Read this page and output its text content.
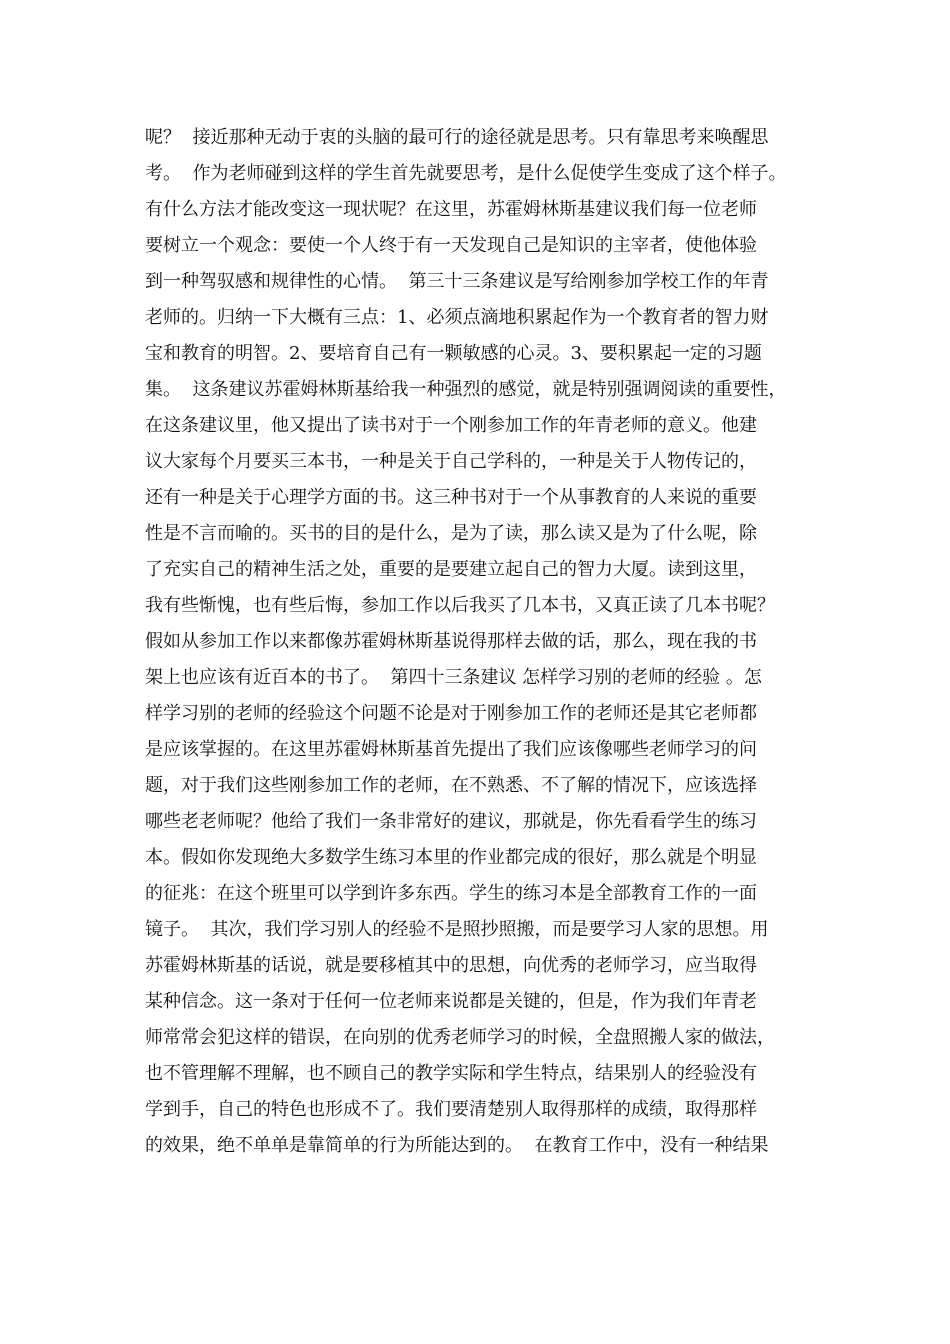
呢？  接近那种无动于衷的头脑的最可行的途径就是思考。只有靠思考来唤醒思
考。  作为老师碰到这样的学生首先就要思考，是什么促使学生变成了这个样子。
有什么方法才能改变这一现状呢？在这里，苏霍姆林斯基建议我们每一位老师
要树立一个观念：要使一个人终于有一天发现自己是知识的主宰者，使他体验
到一种驾驭感和规律性的心情。  第三十三条建议是写给刚参加学校工作的年青
老师的。归纳一下大概有三点：1、必须点滴地积累起作为一个教育者的智力财
宝和教育的明智。2、要培育自己有一颗敏感的心灵。3、要积累起一定的习题
集。  这条建议苏霍姆林斯基给我一种强烈的感觉，就是特别强调阅读的重要性，
在这条建议里，他又提出了读书对于一个刚参加工作的年青老师的意义。他建
议大家每个月要买三本书，一种是关于自己学科的，一种是关于人物传记的，
还有一种是关于心理学方面的书。这三种书对于一个从事教育的人来说的重要
性是不言而喻的。买书的目的是什么，是为了读，那么读又是为了什么呢，除
了充实自己的精神生活之处，重要的是要建立起自己的智力大厦。读到这里，
我有些惭愧，也有些后悔，参加工作以后我买了几本书，又真正读了几本书呢？
假如从参加工作以来都像苏霍姆林斯基说得那样去做的话，那么，现在我的书
架上也应该有近百本的书了。  第四十三条建议 怎样学习别的老师的经验 。怎
样学习别的老师的经验这个问题不论是对于刚参加工作的老师还是其它老师都
是应该掌握的。在这里苏霍姆林斯基首先提出了我们应该像哪些老师学习的问
题，对于我们这些刚参加工作的老师，在不熟悉、不了解的情况下，应该选择
哪些老老师呢？他给了我们一条非常好的建议，那就是，你先看看学生的练习
本。假如你发现绝大多数学生练习本里的作业都完成的很好，那么就是个明显
的征兆：在这个班里可以学到许多东西。学生的练习本是全部教育工作的一面
镜子。  其次，我们学习别人的经验不是照抄照搬，而是要学习人家的思想。用
苏霍姆林斯基的话说，就是要移植其中的思想，向优秀的老师学习，应当取得
某种信念。这一条对于任何一位老师来说都是关键的，但是，作为我们年青老
师常常会犯这样的错误，在向别的优秀老师学习的时候，全盘照搬人家的做法，
也不管理解不理解，也不顾自己的教学实际和学生特点，结果别人的经验没有
学到手，自己的特色也形成不了。我们要清楚别人取得那样的成绩，取得那样
的效果，绝不单单是靠简单的行为所能达到的。  在教育工作中，没有一种结果
